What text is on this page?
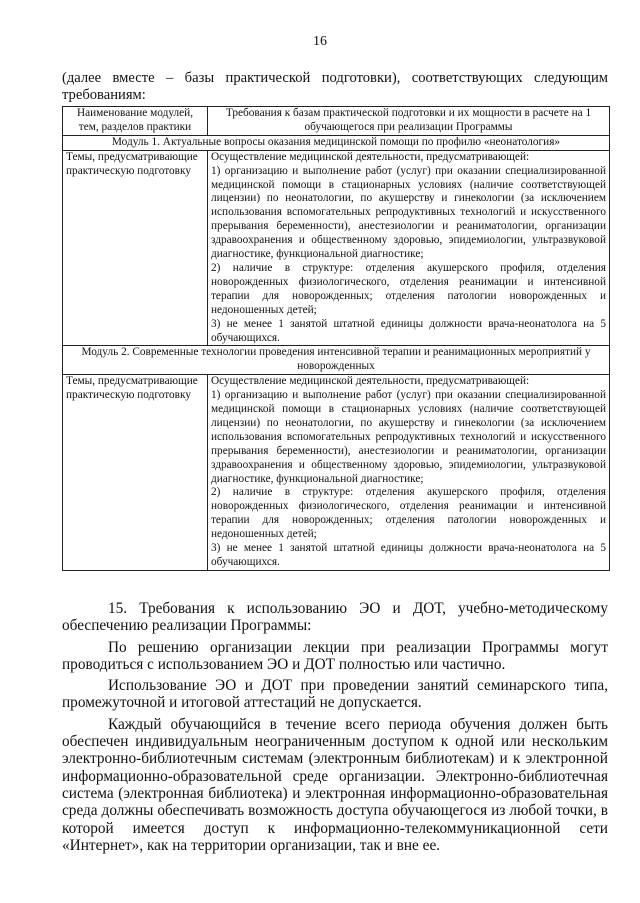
16
(далее вместе – базы практической подготовки), соответствующих следующим требованиям:
Наименование модулей, тем, разделов практики	Требования к базам практической подготовки и их мощности в расчете на 1 обучающегося при реализации Программы
Модуль 1. Актуальные вопросы оказания медицинской помощи по профилю «неонатология»	
Темы, предусматривающие практическую подготовку	Осуществление медицинской деятельности, предусматривающей:
1) организацию и выполнение работ (услуг) при оказании специализированной медицинской помощи в стационарных условиях (наличие соответствующей лицензии) по неонатологии, по акушерству и гинекологии (за исключением использования вспомогательных репродуктивных технологий и искусственного прерывания беременности), анестезиологии и реаниматологии, организации здравоохранения и общественному здоровью, эпидемиологии, ультразвуковой диагностике, функциональной диагностике;
2) наличие в структуре: отделения акушерского профиля, отделения новорожденных физиологического, отделения реанимации и интенсивной терапии для новорожденных; отделения патологии новорожденных и недоношенных детей;
3) не менее 1 занятой штатной единицы должности врача-неонатолога на 5 обучающихся.

Модуль 2. Современные технологии проведения интенсивной терапии и реанимационных мероприятий у новорожденных	
Темы, предусматривающие практическую подготовку	Осуществление медицинской деятельности, предусматривающей:
1) организацию и выполнение работ (услуг) при оказании специализированной медицинской помощи в стационарных условиях (наличие соответствующей лицензии) по неонатологии, по акушерству и гинекологии (за исключением использования вспомогательных репродуктивных технологий и искусственного прерывания беременности), анестезиологии и реаниматологии, организации здравоохранения и общественному здоровью, эпидемиологии, ультразвуковой диагностике, функциональной диагностике;
2) наличие в структуре: отделения акушерского профиля, отделения новорожденных физиологического, отделения реанимации и интенсивной терапии для новорожденных; отделения патологии новорожденных и недоношенных детей;
3) не менее 1 занятой штатной единицы должности врача-неонатолога на 5 обучающихся.

15. Требования к использованию ЭО и ДОТ, учебно-методическому обеспечению реализации Программы:

По решению организации лекции при реализации Программы могут проводиться с использованием ЭО и ДОТ полностью или частично.

Использование ЭО и ДОТ при проведении занятий семинарского типа, промежуточной и итоговой аттестаций не допускается.

Каждый обучающийся в течение всего периода обучения должен быть обеспечен индивидуальным неограниченным доступом к одной или нескольким электронно-библиотечным системам (электронным библиотекам) и к электронной информационно-образовательной среде организации. Электронно-библиотечная система (электронная библиотека) и электронная информационно-образовательная среда должны обеспечивать возможность доступа обучающегося из любой точки, в которой имеется доступ к информационно-телекоммуникационной сети «Интернет», как на территории организации, так и вне ее.
